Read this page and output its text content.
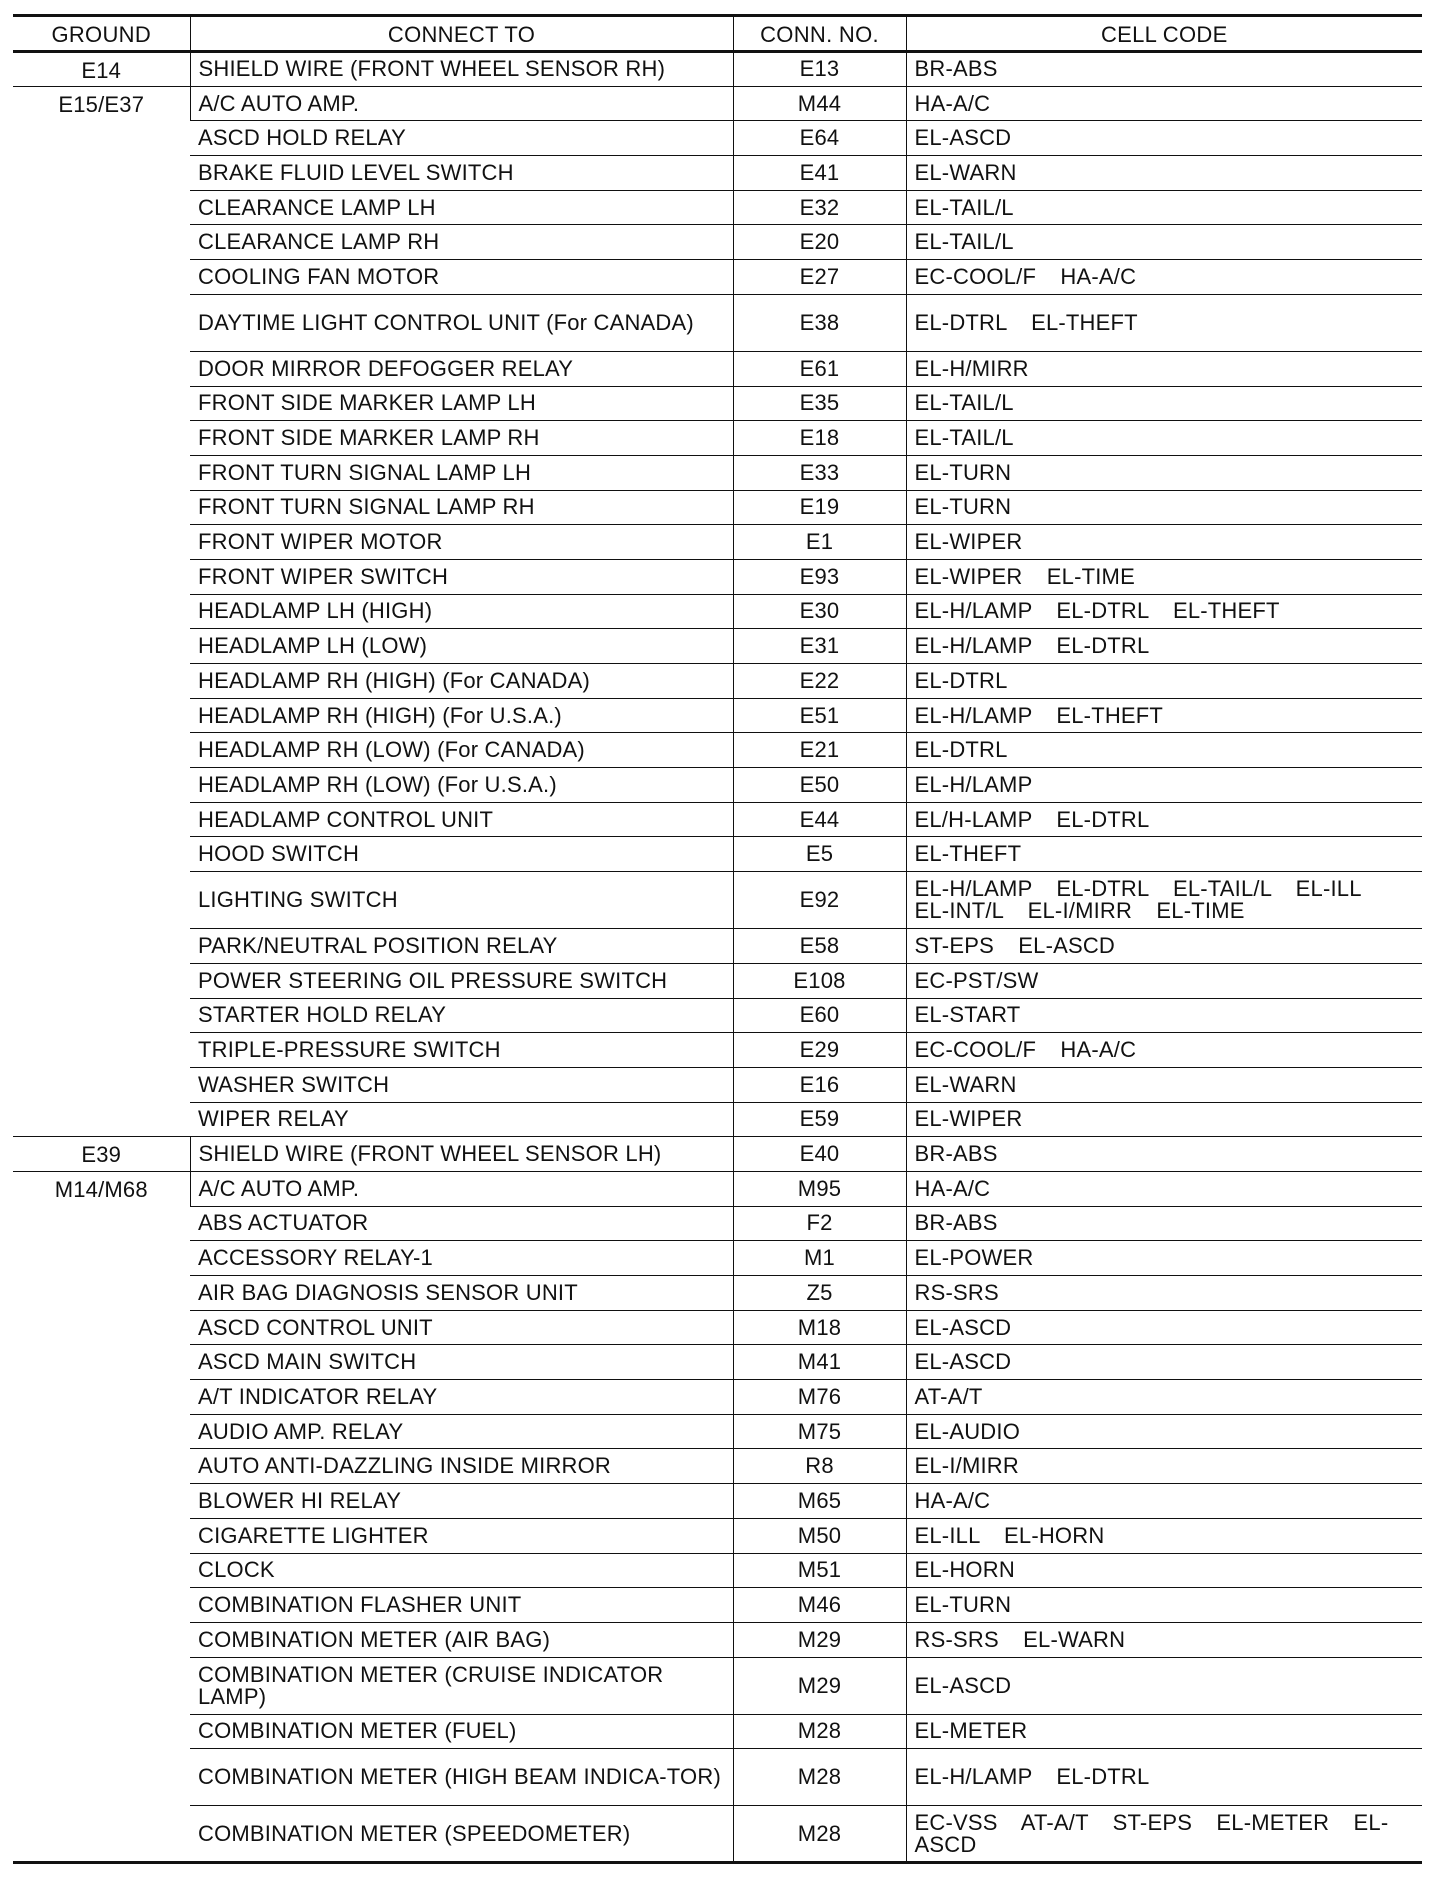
GROUND	CONNECT TO	CONN. NO.	CELL CODE
E14	SHIELD WIRE (FRONT WHEEL SENSOR RH)	E13	BR-ABS
E15/E37	A/C AUTO AMP.	M44	HA-A/C
	ASCD HOLD RELAY	E64	EL-ASCD
	BRAKE FLUID LEVEL SWITCH	E41	EL-WARN
	CLEARANCE LAMP LH	E32	EL-TAIL/L
	CLEARANCE LAMP RH	E20	EL-TAIL/L
	COOLING FAN MOTOR	E27	EC-COOL/F HA-A/C
	DAYTIME LIGHT CONTROL UNIT (For CANADA)	E38	EL-DTRL EL-THEFT
	DOOR MIRROR DEFOGGER RELAY	E61	EL-H/MIRR
	FRONT SIDE MARKER LAMP LH	E35	EL-TAIL/L
	FRONT SIDE MARKER LAMP RH	E18	EL-TAIL/L
	FRONT TURN SIGNAL LAMP LH	E33	EL-TURN
	FRONT TURN SIGNAL LAMP RH	E19	EL-TURN
	FRONT WIPER MOTOR	E1	EL-WIPER
	FRONT WIPER SWITCH	E93	EL-WIPER EL-TIME
	HEADLAMP LH (HIGH)	E30	EL-H/LAMP EL-DTRL EL-THEFT
	HEADLAMP LH (LOW)	E31	EL-H/LAMP EL-DTRL
	HEADLAMP RH (HIGH) (For CANADA)	E22	EL-DTRL
	HEADLAMP RH (HIGH) (For U.S.A.)	E51	EL-H/LAMP EL-THEFT
	HEADLAMP RH (LOW) (For CANADA)	E21	EL-DTRL
	HEADLAMP RH (LOW) (For U.S.A.)	E50	EL-H/LAMP
	HEADLAMP CONTROL UNIT	E44	EL/H-LAMP EL-DTRL
	HOOD SWITCH	E5	EL-THEFT
	LIGHTING SWITCH	E92	EL-H/LAMP EL-DTRL EL-TAIL/L EL-ILL EL-INT/L EL-I/MIRR EL-TIME
	PARK/NEUTRAL POSITION RELAY	E58	ST-EPS EL-ASCD
	POWER STEERING OIL PRESSURE SWITCH	E108	EC-PST/SW
	STARTER HOLD RELAY	E60	EL-START
	TRIPLE-PRESSURE SWITCH	E29	EC-COOL/F HA-A/C
	WASHER SWITCH	E16	EL-WARN
	WIPER RELAY	E59	EL-WIPER
E39	SHIELD WIRE (FRONT WHEEL SENSOR LH)	E40	BR-ABS
M14/M68	A/C AUTO AMP.	M95	HA-A/C
	ABS ACTUATOR	F2	BR-ABS
	ACCESSORY RELAY-1	M1	EL-POWER
	AIR BAG DIAGNOSIS SENSOR UNIT	Z5	RS-SRS
	ASCD CONTROL UNIT	M18	EL-ASCD
	ASCD MAIN SWITCH	M41	EL-ASCD
	A/T INDICATOR RELAY	M76	AT-A/T
	AUDIO AMP. RELAY	M75	EL-AUDIO
	AUTO ANTI-DAZZLING INSIDE MIRROR	R8	EL-I/MIRR
	BLOWER HI RELAY	M65	HA-A/C
	CIGARETTE LIGHTER	M50	EL-ILL EL-HORN
	CLOCK	M51	EL-HORN
	COMBINATION FLASHER UNIT	M46	EL-TURN
	COMBINATION METER (AIR BAG)	M29	RS-SRS EL-WARN
	COMBINATION METER (CRUISE INDICATOR LAMP)	M29	EL-ASCD
	COMBINATION METER (FUEL)	M28	EL-METER
	COMBINATION METER (HIGH BEAM INDICA-TOR)	M28	EL-H/LAMP EL-DTRL
	COMBINATION METER (SPEEDOMETER)	M28	EC-VSS AT-A/T ST-EPS EL-METER EL-ASCD
